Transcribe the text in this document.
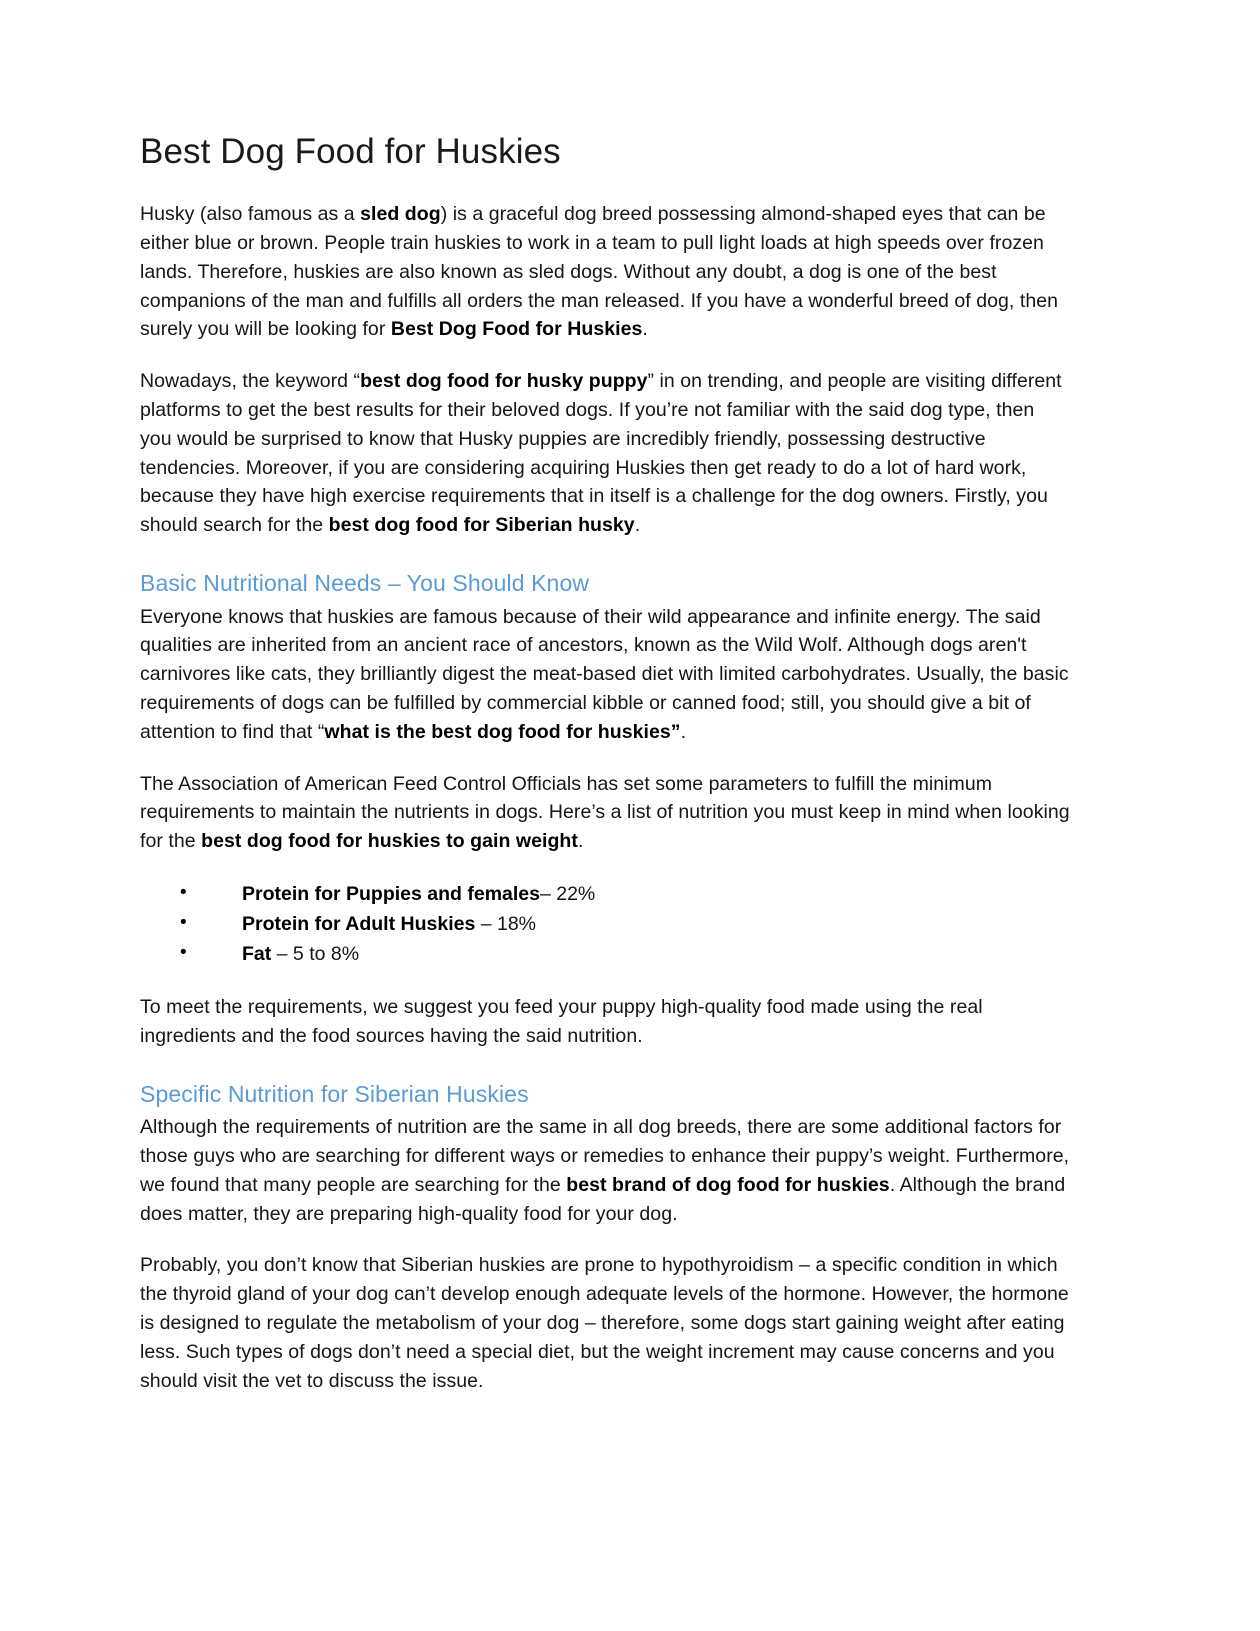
Best Dog Food for Huskies

Husky (also famous as a sled dog) is a graceful dog breed possessing almond-shaped eyes that can be either blue or brown. People train huskies to work in a team to pull light loads at high speeds over frozen lands. Therefore, huskies are also known as sled dogs. Without any doubt, a dog is one of the best companions of the man and fulfills all orders the man released. If you have a wonderful breed of dog, then surely you will be looking for Best Dog Food for Huskies.

Nowadays, the keyword “best dog food for husky puppy” in on trending, and people are visiting different platforms to get the best results for their beloved dogs. If you’re not familiar with the said dog type, then you would be surprised to know that Husky puppies are incredibly friendly, possessing destructive tendencies. Moreover, if you are considering acquiring Huskies then get ready to do a lot of hard work, because they have high exercise requirements that in itself is a challenge for the dog owners. Firstly, you should search for the best dog food for Siberian husky.

Basic Nutritional Needs – You Should Know

Everyone knows that huskies are famous because of their wild appearance and infinite energy. The said qualities are inherited from an ancient race of ancestors, known as the Wild Wolf. Although dogs aren't carnivores like cats, they brilliantly digest the meat-based diet with limited carbohydrates. Usually, the basic requirements of dogs can be fulfilled by commercial kibble or canned food; still, you should give a bit of attention to find that “what is the best dog food for huskies”.

The Association of American Feed Control Officials has set some parameters to fulfill the minimum requirements to maintain the nutrients in dogs. Here’s a list of nutrition you must keep in mind when looking for the best dog food for huskies to gain weight.

• Protein for Puppies and females– 22%
• Protein for Adult Huskies – 18%
• Fat – 5 to 8%

To meet the requirements, we suggest you feed your puppy high-quality food made using the real ingredients and the food sources having the said nutrition.

Specific Nutrition for Siberian Huskies

Although the requirements of nutrition are the same in all dog breeds, there are some additional factors for those guys who are searching for different ways or remedies to enhance their puppy’s weight. Furthermore, we found that many people are searching for the best brand of dog food for huskies. Although the brand does matter, they are preparing high-quality food for your dog.

Probably, you don’t know that Siberian huskies are prone to hypothyroidism – a specific condition in which the thyroid gland of your dog can’t develop enough adequate levels of the hormone. However, the hormone is designed to regulate the metabolism of your dog – therefore, some dogs start gaining weight after eating less. Such types of dogs don’t need a special diet, but the weight increment may cause concerns and you should visit the vet to discuss the issue.
